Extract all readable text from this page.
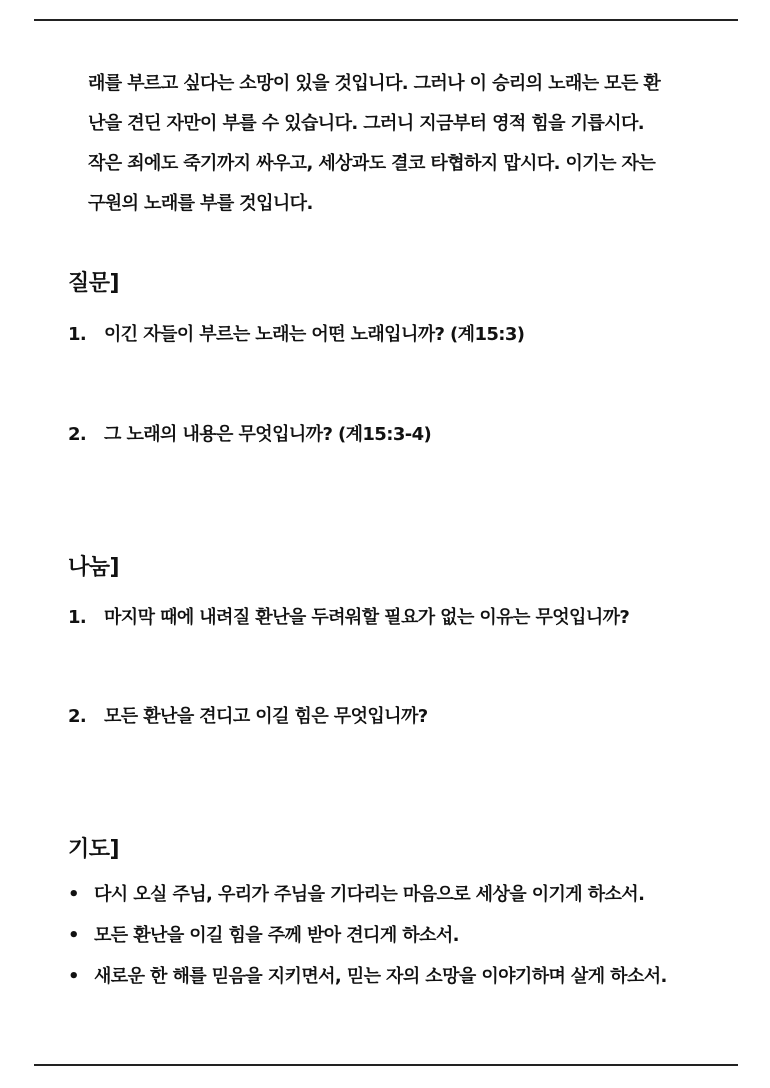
래를 부르고 싶다는 소망이 있을 것입니다. 그러나 이 승리의 노래는 모든 환

난을 견딘 자만이 부를 수 있습니다. 그러니 지금부터 영적 힘을 기릅시다.

작은 죄에도 죽기까지 싸우고, 세상과도 결코 타협하지 맙시다. 이기는 자는

구원의 노래를 부를 것입니다.

질문]
1. 이긴 자들이 부르는 노래는 어떤 노래입니까? (계15:3)
2. 그 노래의 내용은 무엇입니까? (계15:3-4)
나눔]
1. 마지막 때에 내려질 환난을 두려워할 필요가 없는 이유는 무엇입니까?
2. 모든 환난을 견디고 이길 힘은 무엇입니까?
기도]
• 다시 오실 주님, 우리가 주님을 기다리는 마음으로 세상을 이기게 하소서.
• 모든 환난을 이길 힘을 주께 받아 견디게 하소서.
• 새로운 한 해를 믿음을 지키면서, 믿는 자의 소망을 이야기하며 살게 하소서.
